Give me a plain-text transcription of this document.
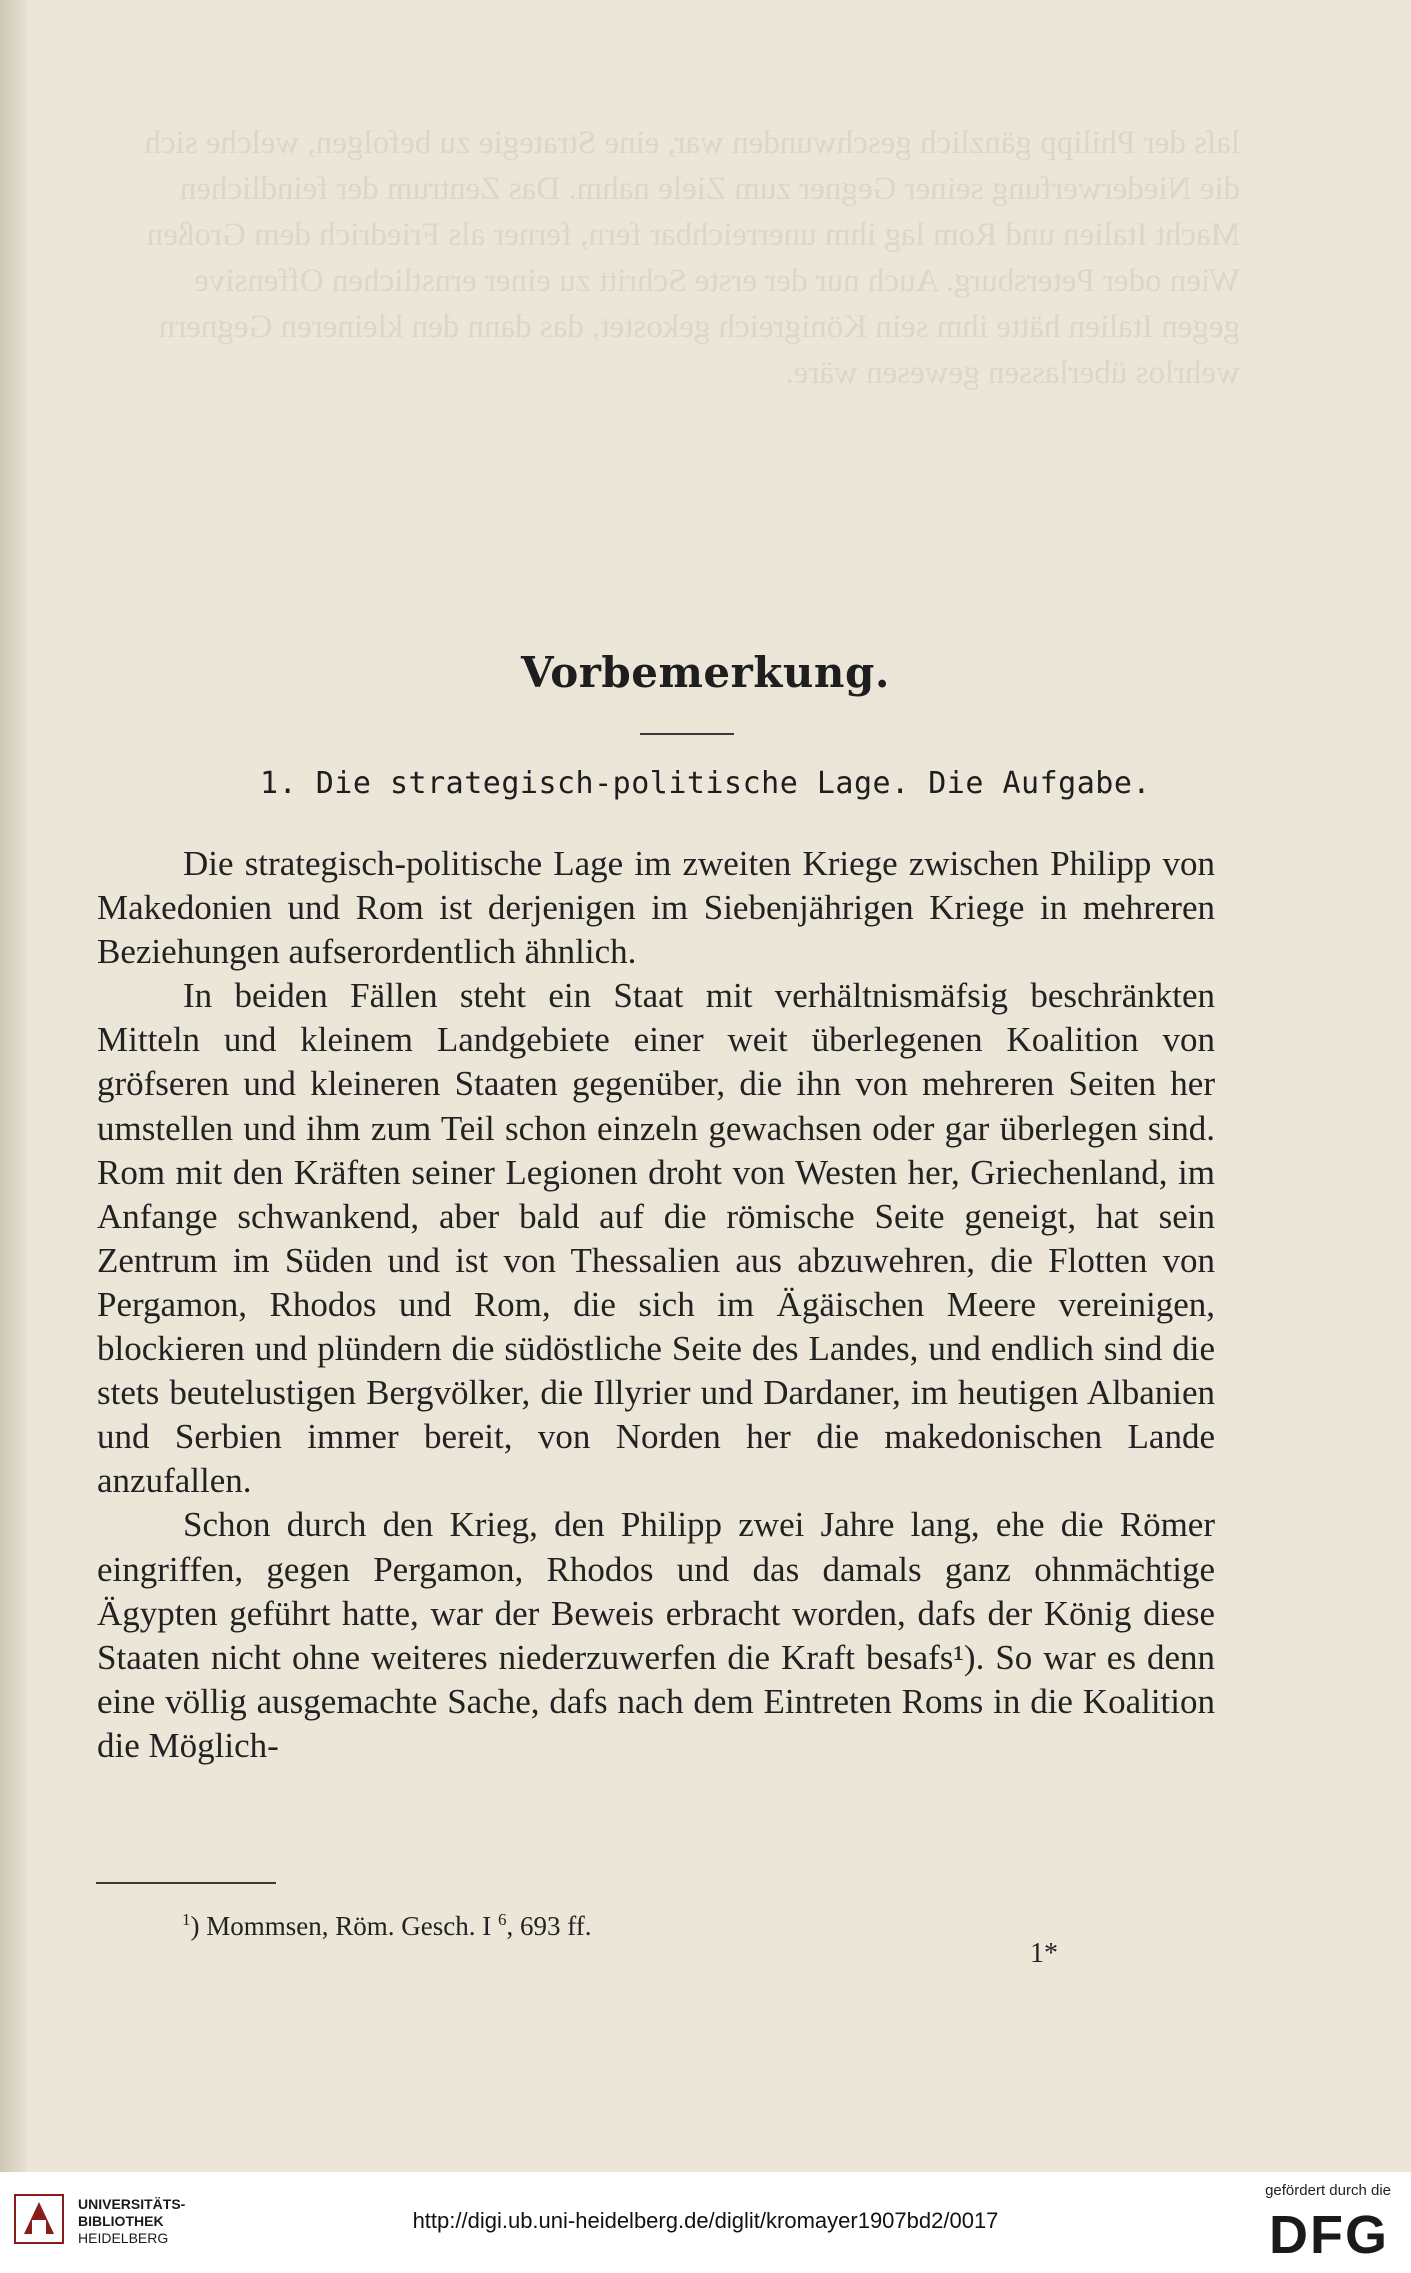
laſs der Philipp gänzlich geschwunden war, eine Strategie zu befolgen, welche sich die Niederwerfung seiner Gegner zum Ziele nahm. Das Zentrum der feindlichen Macht Italien und Rom lag ihm unerreichbar fern, ferner als Friedrich dem Großen Wien oder Petersburg. Auch nur der erste Schritt zu einer ernstlichen Offensive gegen Italien hätte ihm sein Königreich gekostet, das dann den kleineren Gegnern wehrlos überlassen gewesen wäre.
Vorbemerkung.
1. Die strategisch-politische Lage. Die Aufgabe.

Die strategisch-politische Lage im zweiten Kriege zwischen Philipp von Makedonien und Rom ist derjenigen im Siebenjährigen Kriege in mehreren Beziehungen aufserordentlich ähnlich.

In beiden Fällen steht ein Staat mit verhältnismäfsig beschränkten Mitteln und kleinem Landgebiete einer weit überlegenen Koalition von gröfseren und kleineren Staaten gegenüber, die ihn von mehreren Seiten her umstellen und ihm zum Teil schon einzeln gewachsen oder gar überlegen sind. Rom mit den Kräften seiner Legionen droht von Westen her, Griechenland, im Anfange schwankend, aber bald auf die römische Seite geneigt, hat sein Zentrum im Süden und ist von Thessalien aus abzuwehren, die Flotten von Pergamon, Rhodos und Rom, die sich im Ägäischen Meere vereinigen, blockieren und plündern die südöstliche Seite des Landes, und endlich sind die stets beutelustigen Bergvölker, die Illyrier und Dardaner, im heutigen Albanien und Serbien immer bereit, von Norden her die makedonischen Lande anzufallen.

Schon durch den Krieg, den Philipp zwei Jahre lang, ehe die Römer eingriffen, gegen Pergamon, Rhodos und das damals ganz ohnmächtige Ägypten geführt hatte, war der Beweis erbracht worden, dafs der König diese Staaten nicht ohne weiteres niederzuwerfen die Kraft besafs¹). So war es denn eine völlig ausgemachte Sache, dafs nach dem Eintreten Roms in die Koalition die Möglich-

$^1$) Mommsen, Röm. Gesch. I $^6$, 693 ff.
1*
UNIVERSITÄTS-
BIBLIOTHEK
HEIDELBERG
http://digi.ub.uni-heidelberg.de/diglit/kromayer1907bd2/0017
gefördert durch die
DFG
